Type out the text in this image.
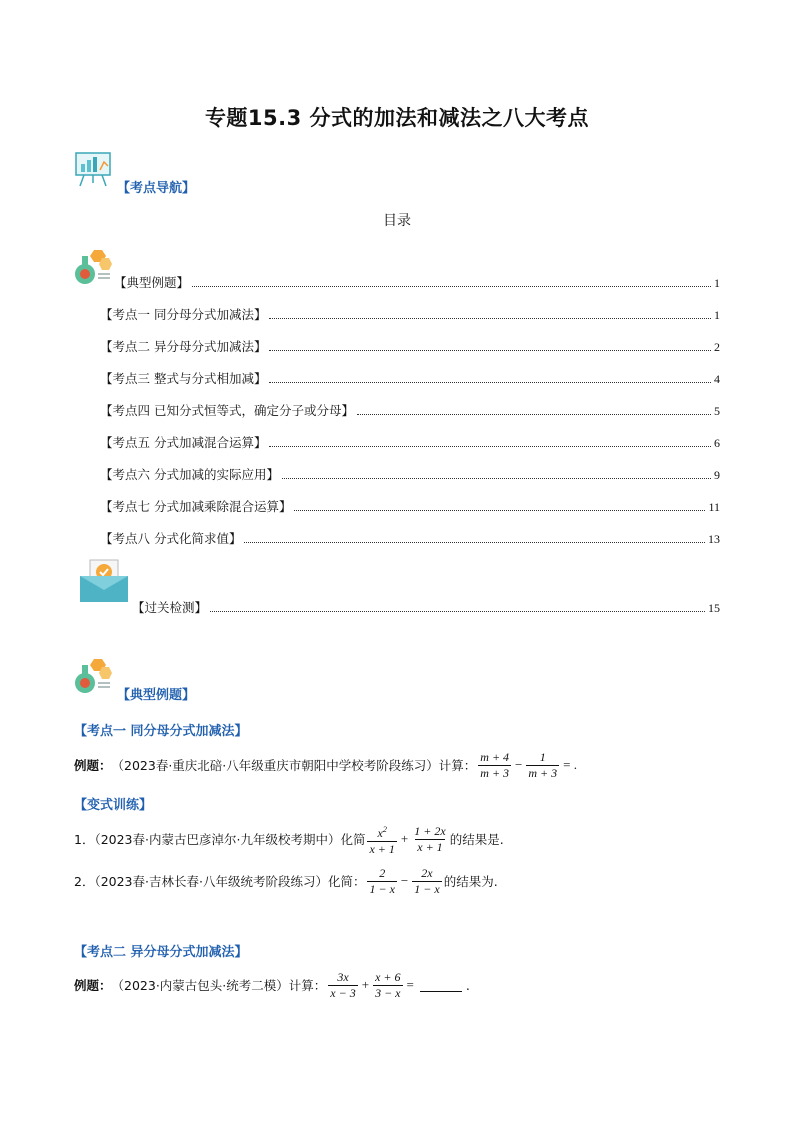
专题15.3 分式的加法和减法之八大考点
【考点导航】
目录
【典型例题】	1
【考点一 同分母分式加减法】	1
【考点二 异分母分式加减法】	2
【考点三 整式与分式相加减】	4
【考点四 已知分式恒等式，确定分子或分母】	5
【考点五 分式加减混合运算】	6
【考点六 分式加减的实际应用】	9
【考点七 分式加减乘除混合运算】	11
【考点八 分式化简求值】	13
【过关检测】	15
【典型例题】
【考点一 同分母分式加减法】
例题： （2023春·重庆北碚·八年级重庆市朝阳中学校考阶段练习）计算： $\frac{m + 4}{m + 3} - \frac{1}{m + 3}$ = .
【变式训练】
1．（2023春·内蒙古巴彦淖尔·九年级校考期中）化简 $\frac{x^2}{x + 1} + \frac{1 + 2x}{x + 1}$ 的结果是.
2．（2023春·吉林长春·八年级统考阶段练习）化简： $\frac{2}{1 - x} - \frac{2x}{1 - x}$ 的结果为.
【考点二 异分母分式加减法】
例题： （2023·内蒙古包头·统考二模）计算： $\frac{3x}{x - 3} + \frac{x + 6}{3 - x}$ =	.
